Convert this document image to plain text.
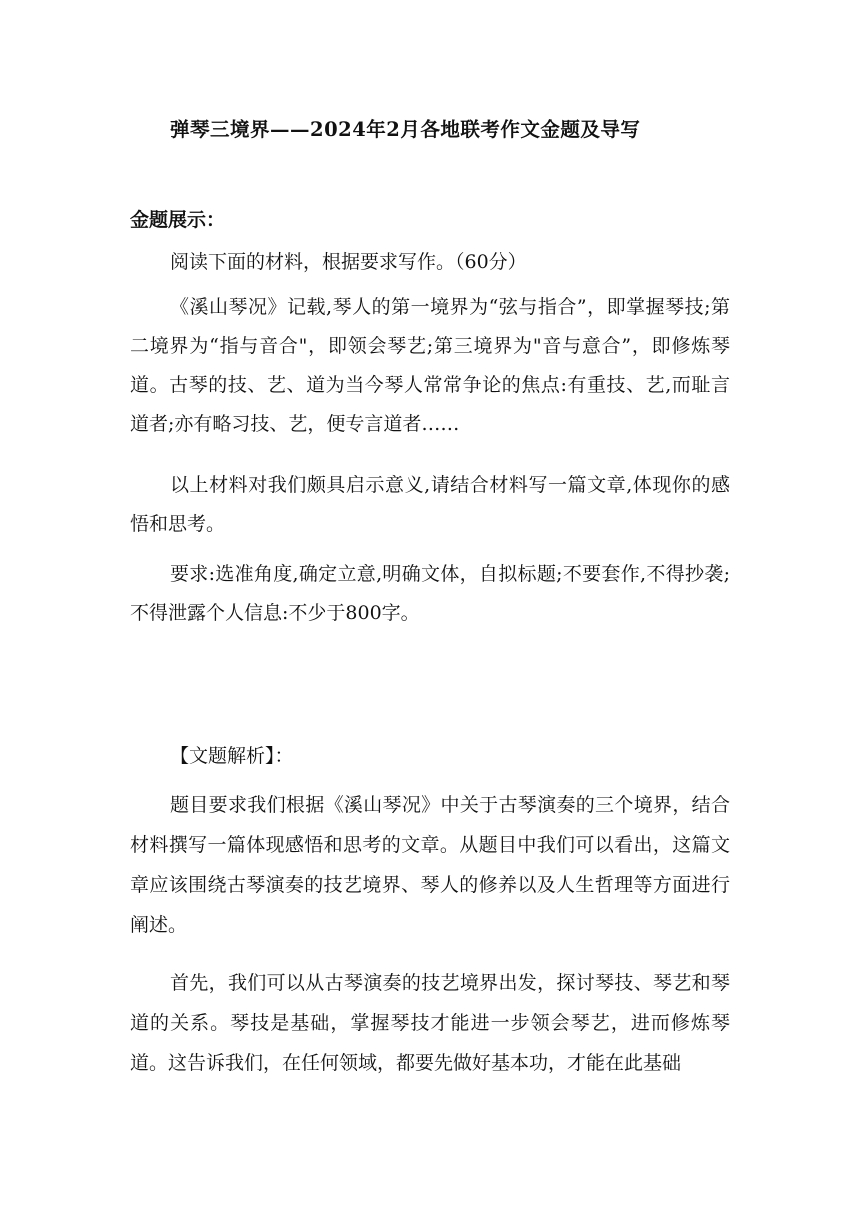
弹琴三境界——2024年2月各地联考作文金题及导写
金题展示：

阅读下面的材料，根据要求写作。（60分）

《溪山琴况》记载,琴人的第一境界为“弦与指合”，即掌握琴技;第二境界为“指与音合"，即领会琴艺;第三境界为"音与意合”，即修炼琴道。古琴的技、艺、道为当今琴人常常争论的焦点:有重技、艺,而耻言道者;亦有略习技、艺，便专言道者……

以上材料对我们颇具启示意义,请结合材料写一篇文章,体现你的感悟和思考。

要求:选准角度,确定立意,明确文体，自拟标题;不要套作,不得抄袭;不得泄露个人信息:不少于800字。

【文题解析】：

题目要求我们根据《溪山琴况》中关于古琴演奏的三个境界，结合材料撰写一篇体现感悟和思考的文章。从题目中我们可以看出，这篇文章应该围绕古琴演奏的技艺境界、琴人的修养以及人生哲理等方面进行阐述。

首先，我们可以从古琴演奏的技艺境界出发，探讨琴技、琴艺和琴道的关系。琴技是基础，掌握琴技才能进一步领会琴艺，进而修炼琴道。这告诉我们，在任何领域，都要先做好基本功，才能在此基础
